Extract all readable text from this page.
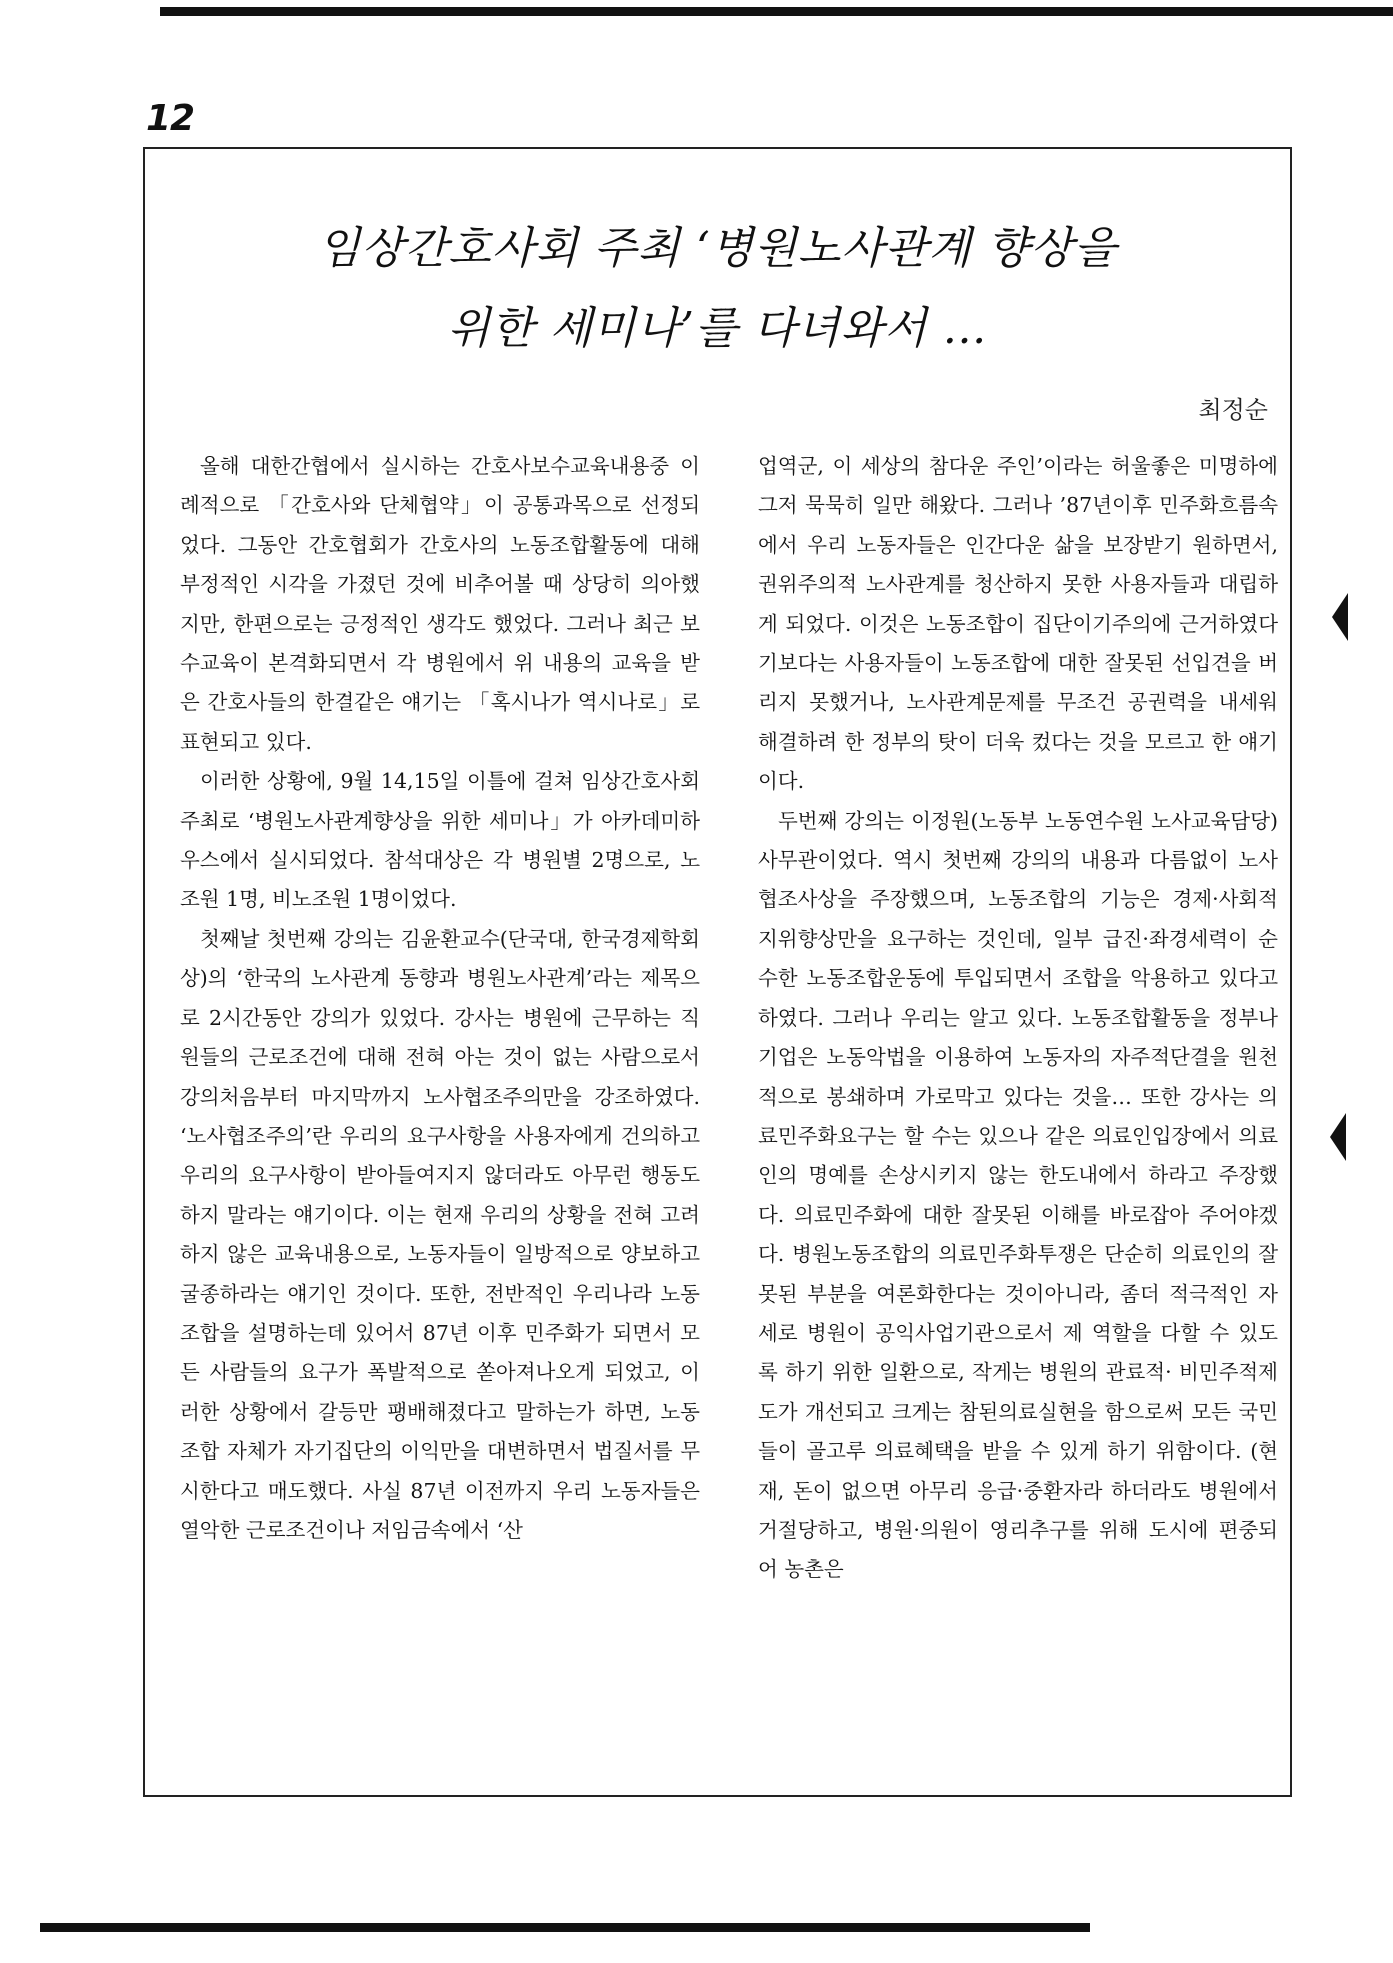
12
임상간호사회 주최 ‘병원노사관계 향상을
위한 세미나’를 다녀와서 …
최정순

올해 대한간협에서 실시하는 간호사보수교육내용중 이례적으로 「간호사와 단체협약」이 공통과목으로 선정되었다. 그동안 간호협회가 간호사의 노동조합활동에 대해 부정적인 시각을 가졌던 것에 비추어볼 때 상당히 의아했지만, 한편으로는 긍정적인 생각도 했었다. 그러나 최근 보수교육이 본격화되면서 각 병원에서 위 내용의 교육을 받은 간호사들의 한결같은 얘기는 「혹시나가 역시나로」로 표현되고 있다.

이러한 상황에, 9월 14,15일 이틀에 걸쳐 임상간호사회 주최로 ‘병원노사관계향상을 위한 세미나」가 아카데미하우스에서 실시되었다. 참석대상은 각 병원별 2명으로, 노조원 1명, 비노조원 1명이었다.

첫째날 첫번째 강의는 김윤환교수(단국대, 한국경제학회상)의 ‘한국의 노사관계 동향과 병원노사관계’라는 제목으로 2시간동안 강의가 있었다. 강사는 병원에 근무하는 직원들의 근로조건에 대해 전혀 아는 것이 없는 사람으로서 강의처음부터 마지막까지 노사협조주의만을 강조하였다. ‘노사협조주의’란 우리의 요구사항을 사용자에게 건의하고 우리의 요구사항이 받아들여지지 않더라도 아무런 행동도 하지 말라는 얘기이다. 이는 현재 우리의 상황을 전혀 고려하지 않은 교육내용으로, 노동자들이 일방적으로 양보하고 굴종하라는 얘기인 것이다. 또한, 전반적인 우리나라 노동조합을 설명하는데 있어서 87년 이후 민주화가 되면서 모든 사람들의 요구가 폭발적으로 쏟아져나오게 되었고, 이러한 상황에서 갈등만 팽배해졌다고 말하는가 하면, 노동조합 자체가 자기집단의 이익만을 대변하면서 법질서를 무시한다고 매도했다. 사실 87년 이전까지 우리 노동자들은 열악한 근로조건이나 저임금속에서 ‘산

업역군, 이 세상의 참다운 주인’이라는 허울좋은 미명하에 그저 묵묵히 일만 해왔다. 그러나 ’87년이후 민주화흐름속에서 우리 노동자들은 인간다운 삶을 보장받기 원하면서, 권위주의적 노사관계를 청산하지 못한 사용자들과 대립하게 되었다. 이것은 노동조합이 집단이기주의에 근거하였다기보다는 사용자들이 노동조합에 대한 잘못된 선입견을 버리지 못했거나, 노사관계문제를 무조건 공권력을 내세워 해결하려 한 정부의 탓이 더욱 컸다는 것을 모르고 한 얘기이다.

두번째 강의는 이정원(노동부 노동연수원 노사교육담당)사무관이었다. 역시 첫번째 강의의 내용과 다름없이 노사협조사상을 주장했으며, 노동조합의 기능은 경제·사회적 지위향상만을 요구하는 것인데, 일부 급진·좌경세력이 순수한 노동조합운동에 투입되면서 조합을 악용하고 있다고 하였다. 그러나 우리는 알고 있다. 노동조합활동을 정부나 기업은 노동악법을 이용하여 노동자의 자주적단결을 원천적으로 봉쇄하며 가로막고 있다는 것을… 또한 강사는 의료민주화요구는 할 수는 있으나 같은 의료인입장에서 의료인의 명예를 손상시키지 않는 한도내에서 하라고 주장했다. 의료민주화에 대한 잘못된 이해를 바로잡아 주어야겠다. 병원노동조합의 의료민주화투쟁은 단순히 의료인의 잘못된 부분을 여론화한다는 것이아니라, 좀더 적극적인 자세로 병원이 공익사업기관으로서 제 역할을 다할 수 있도록 하기 위한 일환으로, 작게는 병원의 관료적· 비민주적제도가 개선되고 크게는 참된의료실현을 함으로써 모든 국민들이 골고루 의료혜택을 받을 수 있게 하기 위함이다. (현재, 돈이 없으면 아무리 응급·중환자라 하더라도 병원에서 거절당하고, 병원·의원이 영리추구를 위해 도시에 편중되어 농촌은
